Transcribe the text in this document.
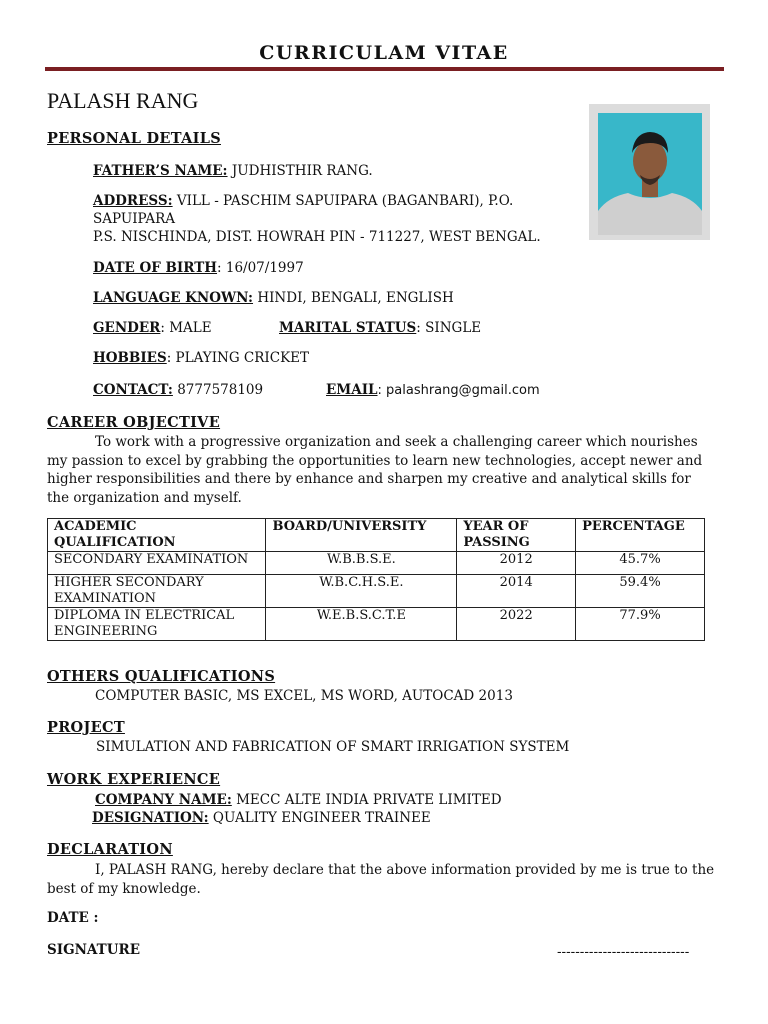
CURRICULAM VITAE
PALASH RANG
PERSONAL DETAILS
FATHER’S NAME: JUDHISTHIR RANG.
ADDRESS: VILL - PASCHIM SAPUIPARA (BAGANBARI), P.O.
SAPUIPARA
P.S. NISCHINDA, DIST. HOWRAH PIN - 711227, WEST BENGAL.
DATE OF BIRTH: 16/07/1997
LANGUAGE KNOWN: HINDI, BENGALI, ENGLISH
GENDER: MALE	MARITAL STATUS: SINGLE
HOBBIES: PLAYING CRICKET
CONTACT: 8777578109	EMAIL: palashrang@gmail.com
CAREER OBJECTIVE
To work with a progressive organization and seek a challenging career which nourishes my passion to excel by grabbing the opportunities to learn new technologies, accept newer and higher responsibilities and there by enhance and sharpen my creative and analytical skills for the organization and myself.
ACADEMIC QUALIFICATION	BOARD/UNIVERSITY	YEAR OF PASSING	PERCENTAGE
SECONDARY EXAMINATION	W.B.B.S.E.	2012	45.7%
HIGHER SECONDARY EXAMINATION	W.B.C.H.S.E.	2014	59.4%
DIPLOMA IN ELECTRICAL ENGINEERING	W.E.B.S.C.T.E	2022	77.9%
OTHERS QUALIFICATIONS
COMPUTER BASIC, MS EXCEL, MS WORD, AUTOCAD 2013
PROJECT
SIMULATION AND FABRICATION OF SMART IRRIGATION SYSTEM
WORK EXPERIENCE
COMPANY NAME: MECC ALTE INDIA PRIVATE LIMITED
DESIGNATION: QUALITY ENGINEER TRAINEE
DECLARATION
I, PALASH RANG, hereby declare that the above information provided by me is true to the best of my knowledge.
DATE :
SIGNATURE	-----------------------------
